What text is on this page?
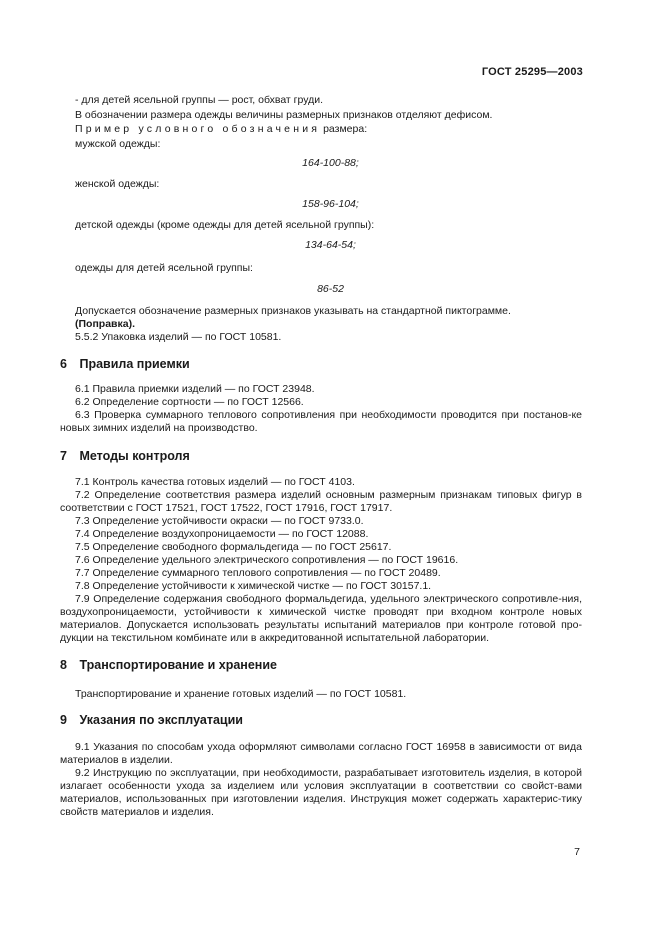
ГОСТ 25295—2003
- для детей ясельной группы — рост, обхват груди.
В обозначении размера одежды величины размерных признаков отделяют дефисом.
Пример условного обозначения размера:
мужской одежды:
164-100-88;
женской одежды:
158-96-104;
детской одежды (кроме одежды для детей ясельной группы):
134-64-54;
одежды для детей ясельной группы:
86-52
Допускается обозначение размерных признаков указывать на стандартной пиктограмме.
(Поправка).
5.5.2 Упаковка изделий — по ГОСТ 10581.
6 Правила приемки

6.1 Правила приемки изделий — по ГОСТ 23948.

6.2 Определение сортности — по ГОСТ 12566.

6.3 Проверка суммарного теплового сопротивления при необходимости проводится при постанов-ке новых зимних изделий на производство.

7 Методы контроля

7.1 Контроль качества готовых изделий — по ГОСТ 4103.

7.2 Определение соответствия размера изделий основным размерным признакам типовых фигур в соответствии с ГОСТ 17521, ГОСТ 17522, ГОСТ 17916, ГОСТ 17917.

7.3 Определение устойчивости окраски — по ГОСТ 9733.0.

7.4 Определение воздухопроницаемости — по ГОСТ 12088.

7.5 Определение свободного формальдегида — по ГОСТ 25617.

7.6 Определение удельного электрического сопротивления — по ГОСТ 19616.

7.7 Определение суммарного теплового сопротивления — по ГОСТ 20489.

7.8 Определение устойчивости к химической чистке — по ГОСТ 30157.1.

7.9 Определение содержания свободного формальдегида, удельного электрического сопротивле-ния, воздухопроницаемости, устойчивости к химической чистке проводят при входном контроле новых материалов. Допускается использовать результаты испытаний материалов при контроле готовой про-дукции на текстильном комбинате или в аккредитованной испытательной лаборатории.

8 Транспортирование и хранение

Транспортирование и хранение готовых изделий — по ГОСТ 10581.

9 Указания по эксплуатации

9.1 Указания по способам ухода оформляют символами согласно ГОСТ 16958 в зависимости от вида материалов в изделии.

9.2 Инструкцию по эксплуатации, при необходимости, разрабатывает изготовитель изделия, в которой излагает особенности ухода за изделием или условия эксплуатации в соответствии со свойст-вами материалов, использованных при изготовлении изделия. Инструкция может содержать характерис-тику свойств материалов и изделия.

7
